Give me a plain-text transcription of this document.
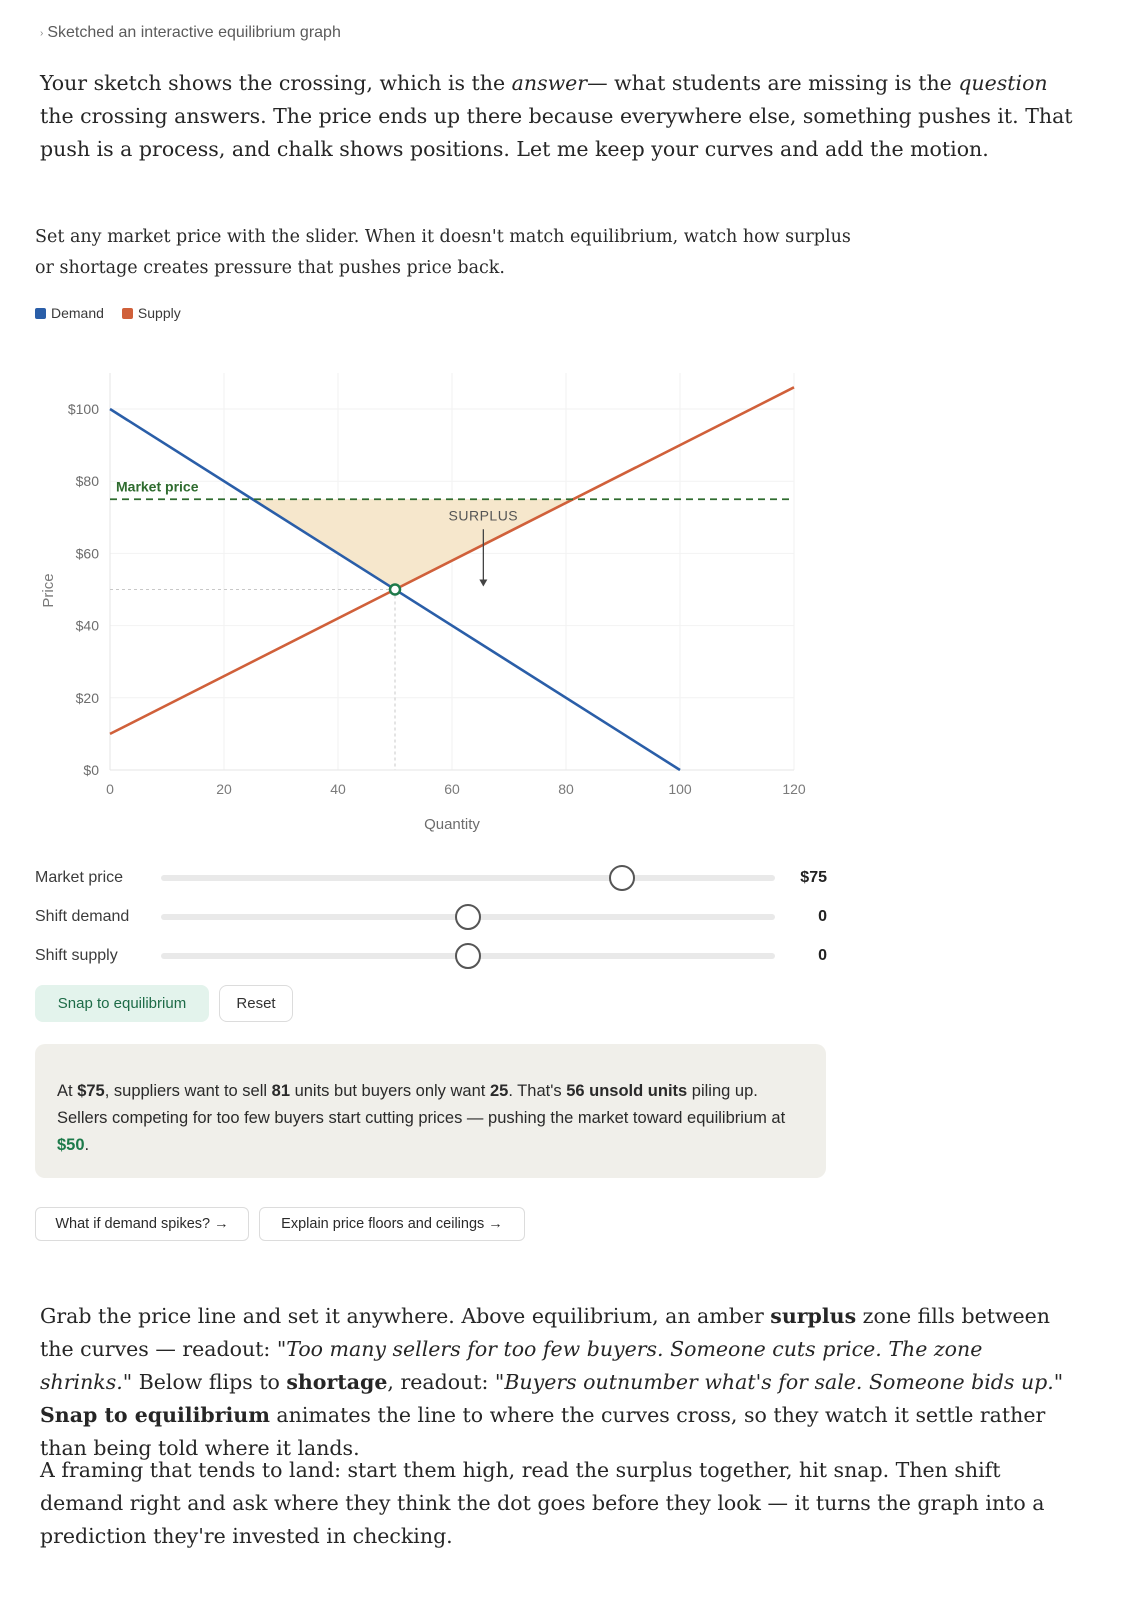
› Sketched an interactive equilibrium graph

Your sketch shows the crossing, which is the answer— what students are missing is the question the crossing answers. The price ends up there because everywhere else, something pushes it. That push is a process, and chalk shows positions. Let me keep your curves and add the motion.

Set any market price with the slider. When it doesn't match equilibrium, watch how surplus or shortage creates pressure that pushes price back.

Demand Supply
$0
$20
$40
$60
$80
$100
0	20	40	60	80	100	120
Quantity
Price
Market price
SURPLUS
Market price	$75
Shift demand	0
Shift supply	0
Snap to equilibrium	Reset
At $75, suppliers want to sell 81 units but buyers only want 25. That's 56 unsold units piling up. Sellers competing for too few buyers start cutting prices — pushing the market toward equilibrium at $50.
What if demand spikes? →	Explain price floors and ceilings →

Grab the price line and set it anywhere. Above equilibrium, an amber surplus zone fills between the curves — readout: "Too many sellers for too few buyers. Someone cuts price. The zone shrinks." Below flips to shortage, readout: "Buyers outnumber what's for sale. Someone bids up." Snap to equilibrium animates the line to where the curves cross, so they watch it settle rather than being told where it lands.

A framing that tends to land: start them high, read the surplus together, hit snap. Then shift demand right and ask where they think the dot goes before they look — it turns the graph into a prediction they're invested in checking.
